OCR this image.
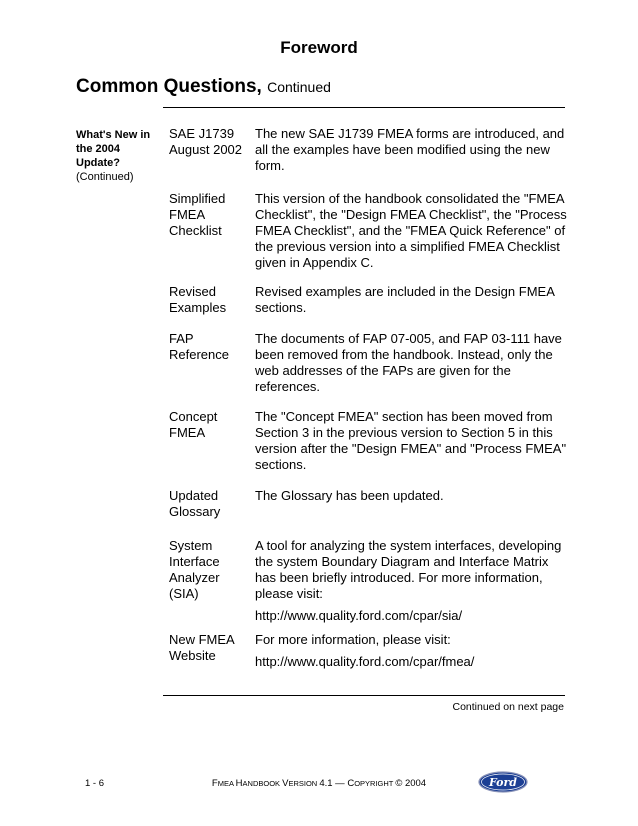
Foreword
Common Questions, Continued
What's New in
the 2004
Update?
(Continued)
SAE J1739
August 2002
The new SAE J1739 FMEA forms are introduced, and all the examples have been modified using the new form.
Simplified
FMEA
Checklist
This version of the handbook consolidated the "FMEA Checklist", the "Design FMEA Checklist", the "Process FMEA Checklist", and the "FMEA Quick Reference" of the previous version into a simplified FMEA Checklist given in Appendix C.
Revised
Examples
Revised examples are included in the Design FMEA sections.
FAP
Reference
The documents of FAP 07-005, and FAP 03-111 have been removed from the handbook. Instead, only the web addresses of the FAPs are given for the references.
Concept
FMEA
The "Concept FMEA" section has been moved from Section 3 in the previous version to Section 5 in this version after the "Design FMEA" and "Process FMEA" sections.
Updated
Glossary
The Glossary has been updated.
System
Interface
Analyzer
(SIA)
A tool for analyzing the system interfaces, developing the system Boundary Diagram and Interface Matrix has been briefly introduced. For more information, please visit:
http://www.quality.ford.com/cpar/sia/
New FMEA
Website
For more information, please visit:
http://www.quality.ford.com/cpar/fmea/
Continued on next page
1 - 6	FMEA HANDBOOK VERSION 4.1 — COPYRIGHT © 2004	Ford
